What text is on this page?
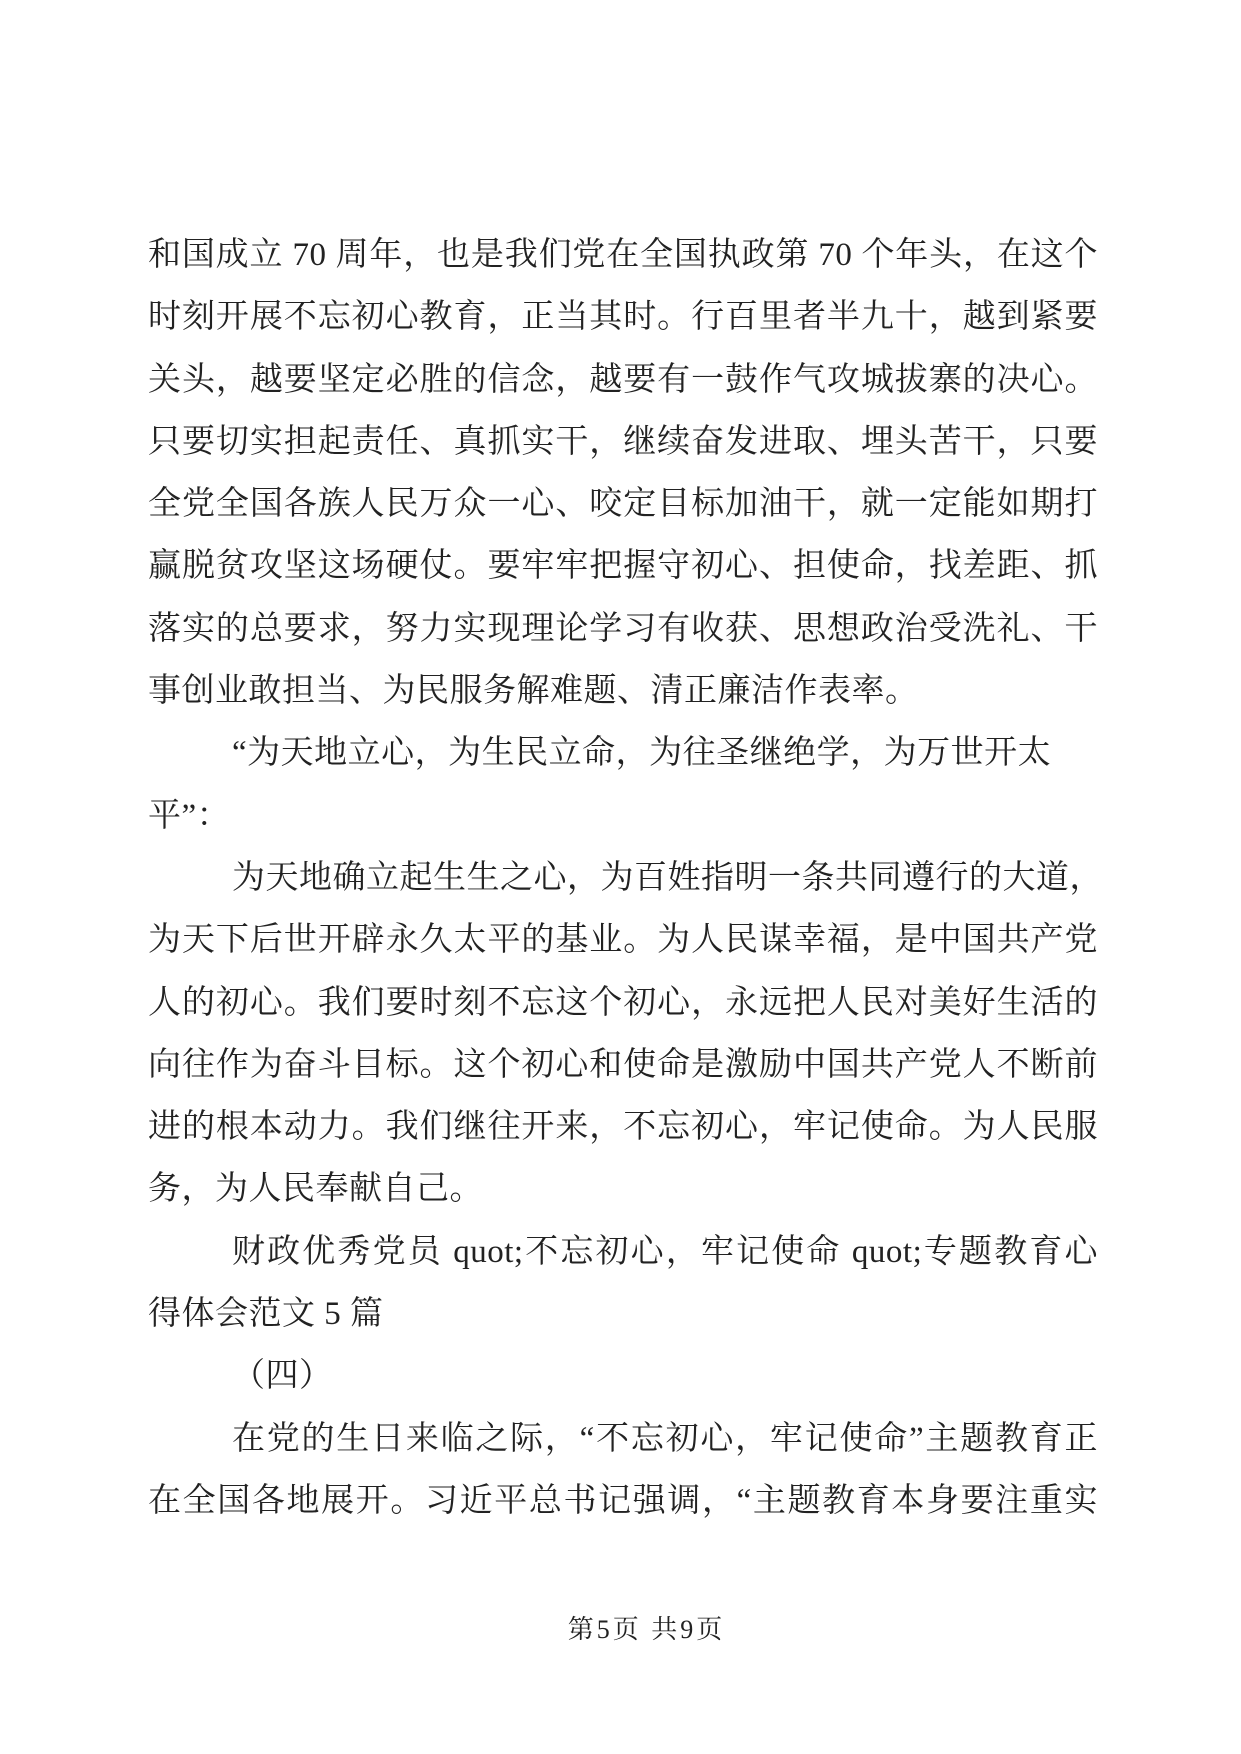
和国成立 70 周年，也是我们党在全国执政第 70 个年头，在这个
时刻开展不忘初心教育，正当其时。行百里者半九十，越到紧要
关头，越要坚定必胜的信念，越要有一鼓作气攻城拔寨的决心。
只要切实担起责任、真抓实干，继续奋发进取、埋头苦干，只要
全党全国各族人民万众一心、咬定目标加油干，就一定能如期打
赢脱贫攻坚这场硬仗。要牢牢把握守初心、担使命，找差距、抓
落实的总要求，努力实现理论学习有收获、思想政治受洗礼、干
事创业敢担当、为民服务解难题、清正廉洁作表率。
“为天地立心，为生民立命，为往圣继绝学，为万世开太
平”：
为天地确立起生生之心，为百姓指明一条共同遵行的大道，
为天下后世开辟永久太平的基业。为人民谋幸福，是中国共产党
人的初心。我们要时刻不忘这个初心，永远把人民对美好生活的
向往作为奋斗目标。这个初心和使命是激励中国共产党人不断前
进的根本动力。我们继往开来，不忘初心，牢记使命。为人民服
务，为人民奉献自己。
财政优秀党员 quot;不忘初心，牢记使命 quot;专题教育心
得体会范文 5 篇
（四）
在党的生日来临之际，“不忘初心，牢记使命”主题教育正
在全国各地展开。习近平总书记强调，“主题教育本身要注重实
第5页 共9页
